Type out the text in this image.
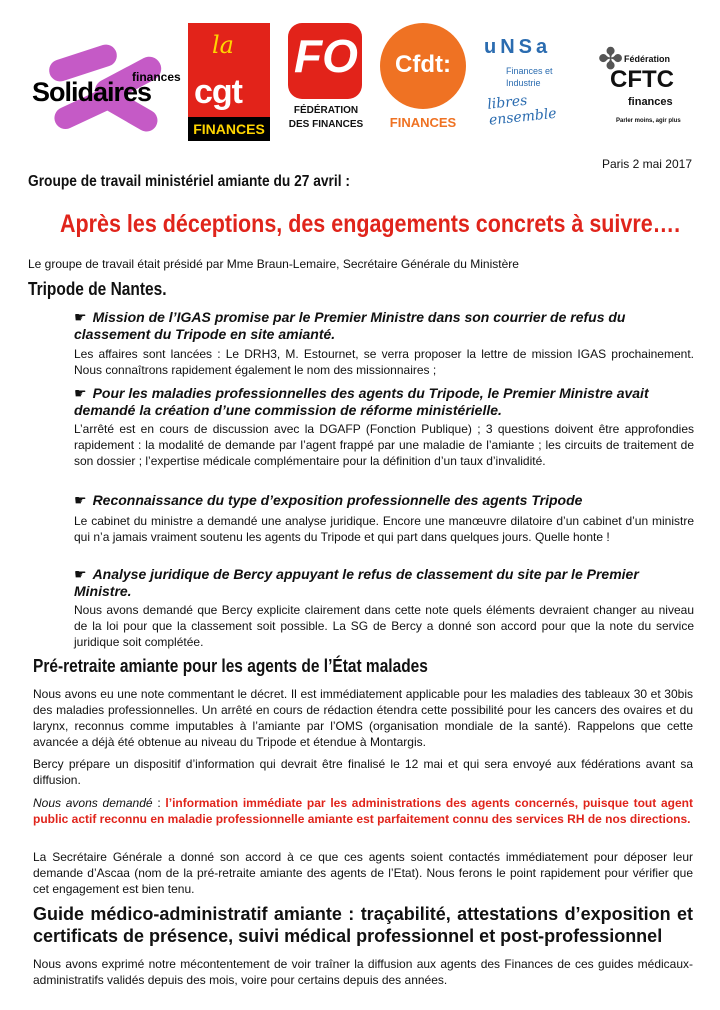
Solidaires
finances
la
cgt
FINANCES
FO
FÉDÉRATION
DES FINANCES
Cfdt:
FINANCES
uNSa
Finances et
Industrie
libres ensemble
✤ Fédération
CFTC
finances
Parler moins, agir plus
Paris 2 mai 2017
Groupe de travail ministériel amiante du 27 avril :
Après les déceptions, des engagements concrets à suivre….
Le groupe de travail était présidé par Mme Braun-Lemaire, Secrétaire Générale du Ministère
Tripode de Nantes.
☛ Mission de l’IGAS promise par le Premier Ministre dans son courrier de refus du classement du Tripode en site amianté.
Les affaires sont lancées : Le DRH3, M. Estournet, se verra proposer la lettre de mission IGAS prochainement. Nous connaîtrons rapidement également le nom des missionnaires ;
☛ Pour les maladies professionnelles des agents du Tripode, le Premier Ministre avait demandé la création d’une commission de réforme ministérielle.
L’arrêté est en cours de discussion avec la DGAFP (Fonction Publique) ; 3 questions doivent être approfondies rapidement : la modalité de demande par l’agent frappé par une maladie de l’amiante ; les circuits de traitement de son dossier ; l’expertise médicale complémentaire pour la définition d’un taux d’invalidité.
☛ Reconnaissance du type d’exposition professionnelle des agents Tripode
Le cabinet du ministre a demandé une analyse juridique. Encore une manœuvre dilatoire d’un cabinet d’un ministre qui n’a jamais vraiment soutenu les agents du Tripode et qui part dans quelques jours. Quelle honte !
☛ Analyse juridique de Bercy appuyant le refus de classement du site par le Premier Ministre.
Nous avons demandé que Bercy explicite clairement dans cette note quels éléments devraient changer au niveau de la loi pour que la classement soit possible. La SG de Bercy a donné son accord pour que la note du service juridique soit complétée.
Pré-retraite amiante pour les agents de l’État malades
Nous avons eu une note commentant le décret. Il est immédiatement applicable pour les maladies des tableaux 30 et 30bis des maladies professionnelles. Un arrêté en cours de rédaction étendra cette possibilité pour les cancers des ovaires et du larynx, reconnus comme imputables à l’amiante par l’OMS (organisation mondiale de la santé). Rappelons que cette avancée a déjà été obtenue au niveau du Tripode et étendue à Montargis.
Bercy prépare un dispositif d’information qui devrait être finalisé le 12 mai et qui sera envoyé aux fédérations avant sa diffusion.
Nous avons demandé : l’information immédiate par les administrations des agents concernés, puisque tout agent public actif reconnu en maladie professionnelle amiante est parfaitement connu des services RH de nos directions.
La Secrétaire Générale a donné son accord à ce que ces agents soient contactés immédiatement pour déposer leur demande d’Ascaa (nom de la pré-retraite amiante des agents de l’Etat). Nous ferons le point rapidement pour vérifier que cet engagement est bien tenu.
Guide médico-administratif amiante : traçabilité, attestations d’exposition et certificats de présence, suivi médical professionnel et post-professionnel
Nous avons exprimé notre mécontentement de voir traîner la diffusion aux agents des Finances de ces guides médicaux-administratifs validés depuis des mois, voire pour certains depuis des années.
